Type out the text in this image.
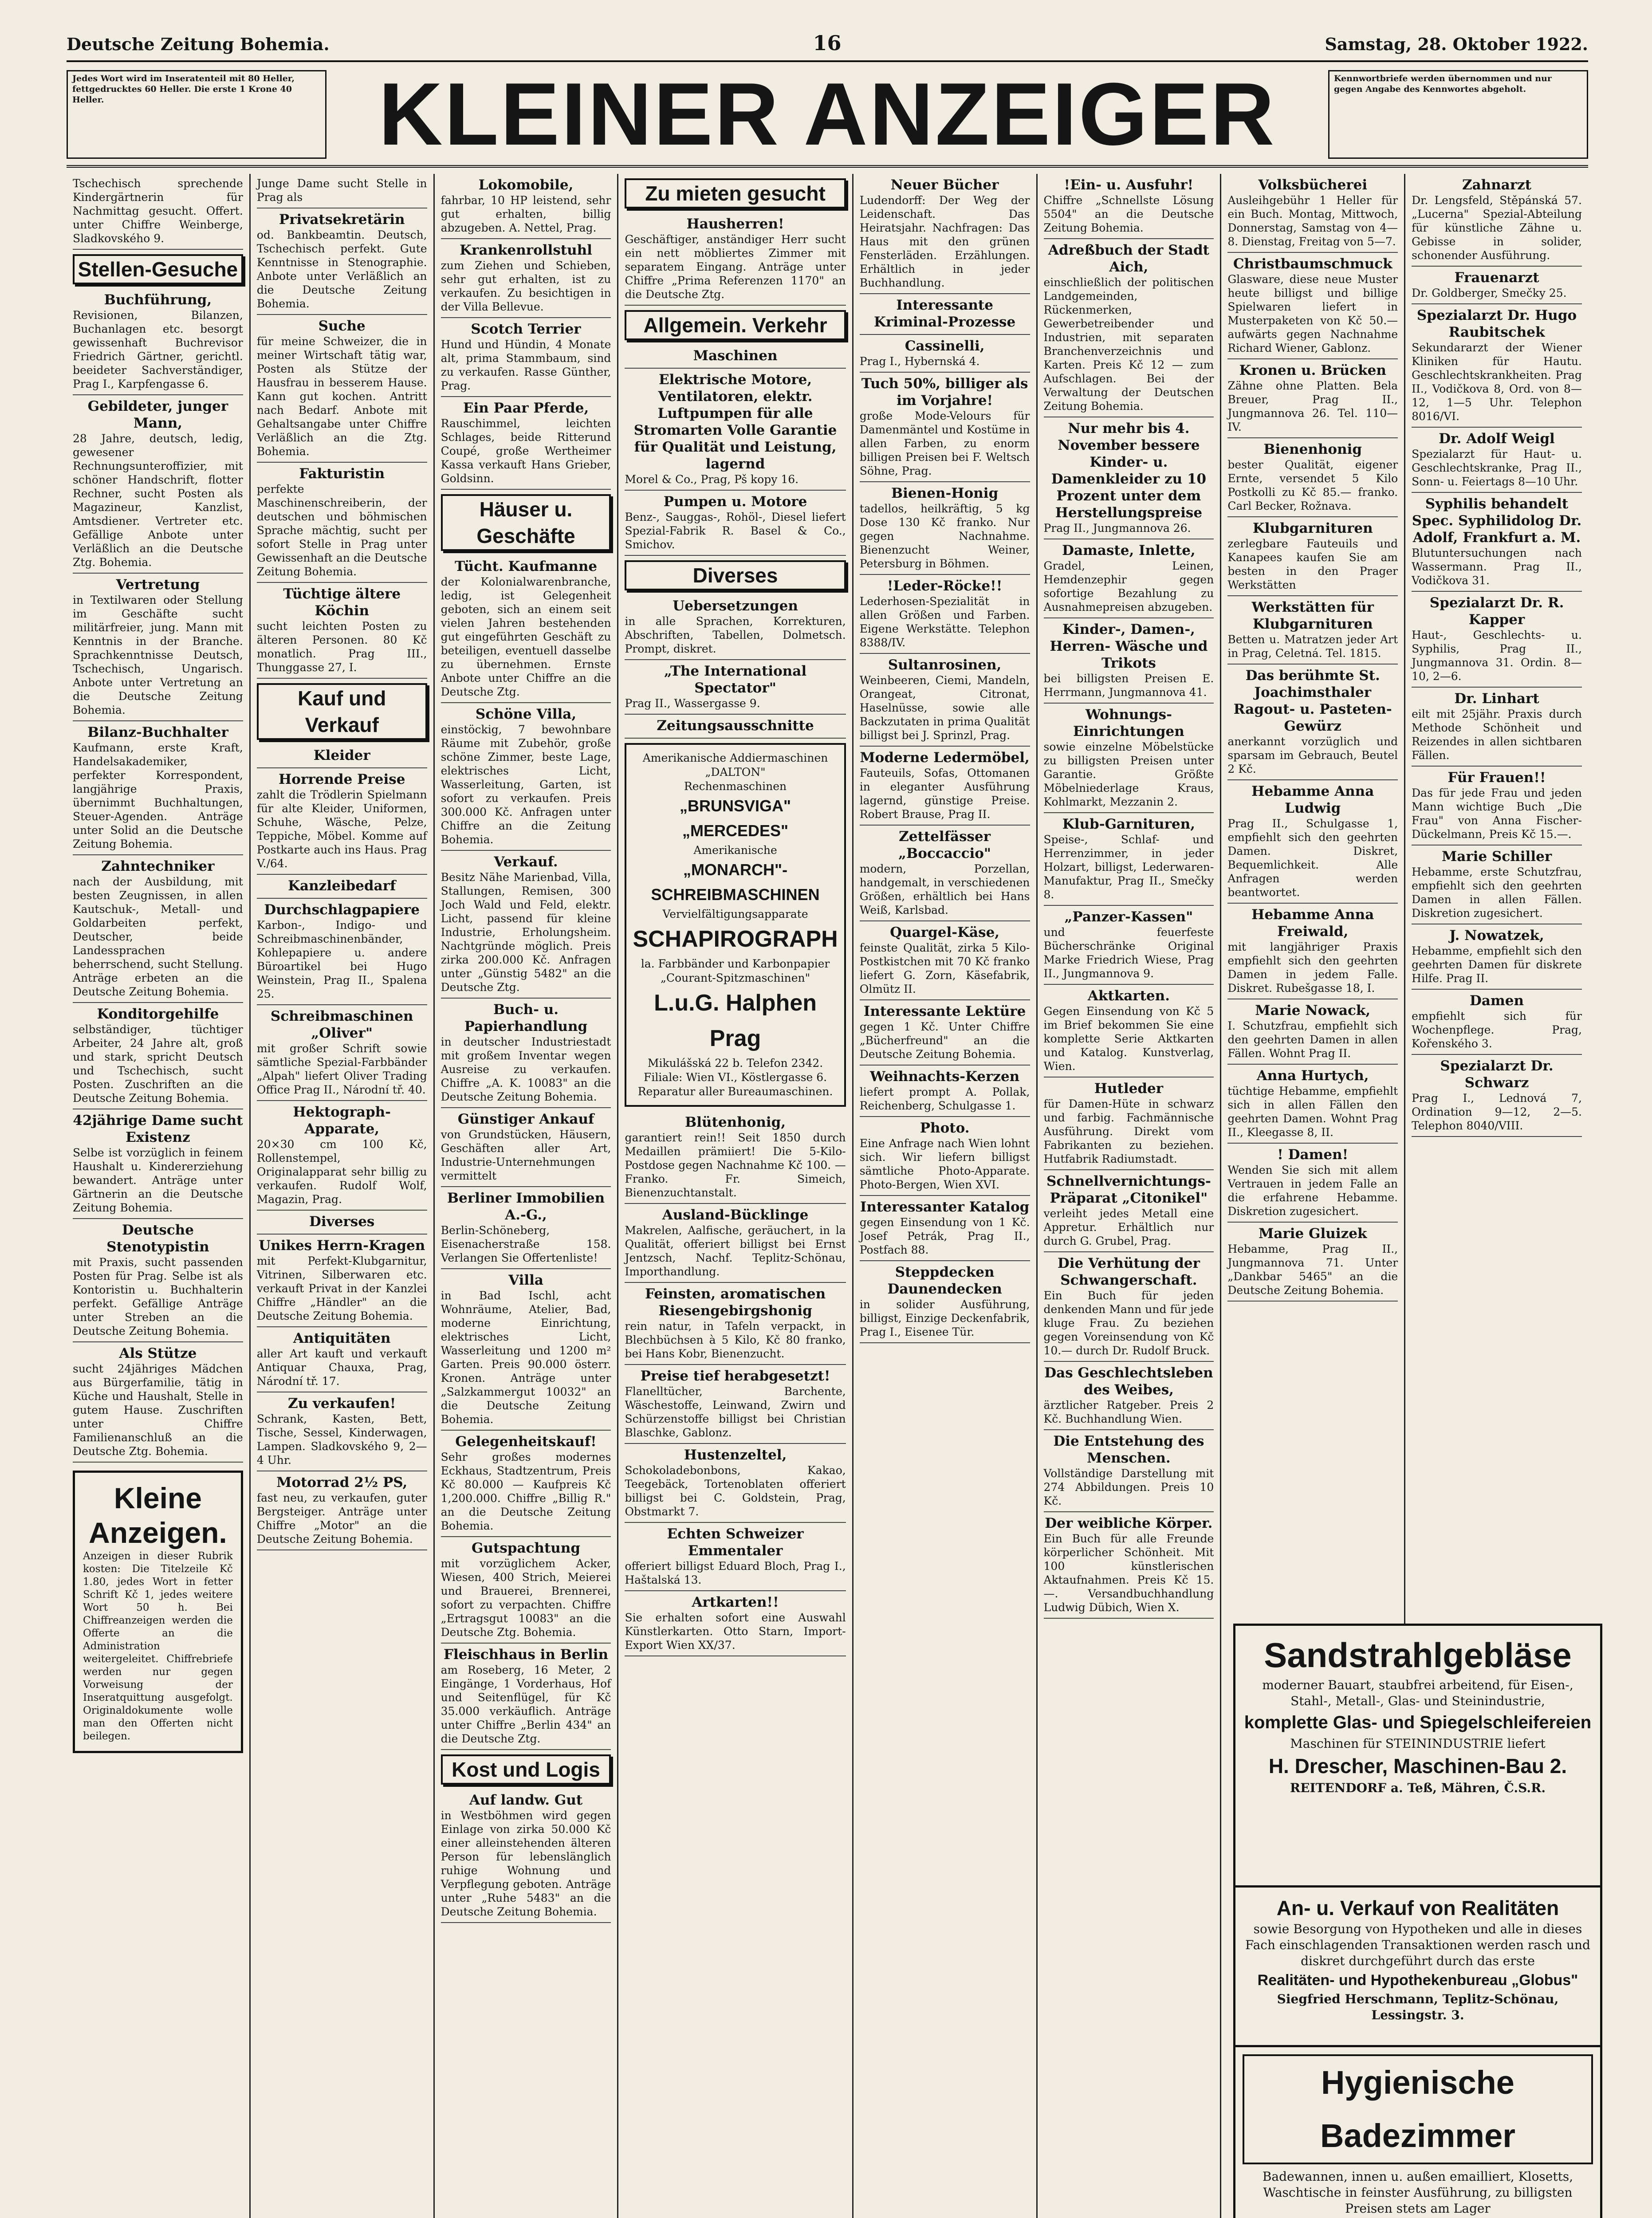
Deutsche Zeitung Bohemia.	16	Samstag, 28. Oktober 1922.
Jedes Wort wird im Inseratenteil mit 80 Heller, fettgedrucktes 60 Heller. Die erste 1 Krone 40 Heller.	KLEINER ANZEIGER	Kennwortbriefe werden übernommen und nur gegen Angabe des Kennwortes abgeholt.
Tschechisch sprechende Kindergärtnerin für Nachmittag gesucht. Offert. unter Chiffre Weinberge, Sladkovského 9.
Stellen-Gesuche
Buchführung,
Revisionen, Bilanzen, Buchanlagen etc. besorgt gewissenhaft Buchrevisor Friedrich Gärtner, gerichtl. beeideter Sachverständiger, Prag I., Karpfengasse 6.
Gebildeter, junger Mann,
28 Jahre, deutsch, ledig, gewesener Rechnungsunteroffizier, mit schöner Handschrift, flotter Rechner, sucht Posten als Magazineur, Kanzlist, Amtsdiener. Vertreter etc. Gefällige Anbote unter Verläßlich an die Deutsche Ztg. Bohemia.
Vertretung
in Textilwaren oder Stellung im Geschäfte sucht militärfreier, jung. Mann mit Kenntnis in der Branche. Sprachkenntnisse Deutsch, Tschechisch, Ungarisch. Anbote unter Vertretung an die Deutsche Zeitung Bohemia.
Bilanz-Buchhalter
Kaufmann, erste Kraft, Handelsakademiker, perfekter Korrespondent, langjährige Praxis, übernimmt Buchhaltungen, Steuer-Agenden. Anträge unter Solid an die Deutsche Zeitung Bohemia.
Zahntechniker
nach der Ausbildung, mit besten Zeugnissen, in allen Kautschuk-, Metall- und Goldarbeiten perfekt, Deutscher, beide Landessprachen beherrschend, sucht Stellung. Anträge erbeten an die Deutsche Zeitung Bohemia.
Konditorgehilfe
selbständiger, tüchtiger Arbeiter, 24 Jahre alt, groß und stark, spricht Deutsch und Tschechisch, sucht Posten. Zuschriften an die Deutsche Zeitung Bohemia.
42jährige Dame sucht Existenz
Selbe ist vorzüglich in feinem Haushalt u. Kindererziehung bewandert. Anträge unter Gärtnerin an die Deutsche Zeitung Bohemia.
Deutsche Stenotypistin
mit Praxis, sucht passenden Posten für Prag. Selbe ist als Kontoristin u. Buchhalterin perfekt. Gefällige Anträge unter Streben an die Deutsche Zeitung Bohemia.
Als Stütze
sucht 24jähriges Mädchen aus Bürgerfamilie, tätig in Küche und Haushalt, Stelle in gutem Hause. Zuschriften unter Chiffre Familienanschluß an die Deutsche Ztg. Bohemia.
Kleine Anzeigen.
Anzeigen in dieser Rubrik kosten: Die Titelzeile Kč 1.80, jedes Wort in fetter Schrift Kč 1, jedes weitere Wort 50 h. Bei Chiffreanzeigen werden die Offerte an die Administration weitergeleitet. Chiffrebriefe werden nur gegen Vorweisung der Inseratquittung ausgefolgt. Originaldokumente wolle man den Offerten nicht beilegen.
Junge Dame sucht Stelle in Prag als
Privatsekretärin
od. Bankbeamtin. Deutsch, Tschechisch perfekt. Gute Kenntnisse in Stenographie. Anbote unter Verläßlich an die Deutsche Zeitung Bohemia.
Suche
für meine Schweizer, die in meiner Wirtschaft tätig war, Posten als Stütze der Hausfrau in besserem Hause. Kann gut kochen. Antritt nach Bedarf. Anbote mit Gehaltsangabe unter Chiffre Verläßlich an die Ztg. Bohemia.
Fakturistin
perfekte Maschinenschreiberin, der deutschen und böhmischen Sprache mächtig, sucht per sofort Stelle in Prag unter Gewissenhaft an die Deutsche Zeitung Bohemia.
Tüchtige ältere Köchin
sucht leichten Posten zu älteren Personen. 80 Kč monatlich. Prag III., Thunggasse 27, I.
Kauf und Verkauf
Kleider
Horrende Preise
zahlt die Trödlerin Spielmann für alte Kleider, Uniformen, Schuhe, Wäsche, Pelze, Teppiche, Möbel. Komme auf Postkarte auch ins Haus. Prag V./64.
Kanzleibedarf
Durchschlagpapiere
Karbon-, Indigo- und Schreibmaschinenbänder, Kohlepapiere u. andere Büroartikel bei Hugo Weinstein, Prag II., Spalena 25.
Schreibmaschinen „Oliver"
mit großer Schrift sowie sämtliche Spezial-Farbbänder „Alpah" liefert Oliver Trading Office Prag II., Národní tř. 40.
Hektograph-Apparate,
20×30 cm 100 Kč, Rollenstempel, Originalapparat sehr billig zu verkaufen. Rudolf Wolf, Magazin, Prag.
Diverses
Unikes Herrn-Kragen
mit Perfekt-Klubgarnitur, Vitrinen, Silberwaren etc. verkauft Privat in der Kanzlei Chiffre „Händler" an die Deutsche Zeitung Bohemia.
Antiquitäten
aller Art kauft und verkauft Antiquar Chauxa, Prag, Národní tř. 17.
Zu verkaufen!
Schrank, Kasten, Bett, Tische, Sessel, Kinderwagen, Lampen. Sladkovského 9, 2—4 Uhr.
Motorrad 2½ PS,
fast neu, zu verkaufen, guter Bergsteiger. Anträge unter Chiffre „Motor" an die Deutsche Zeitung Bohemia.
Lokomobile,
fahrbar, 10 HP leistend, sehr gut erhalten, billig abzugeben. A. Nettel, Prag.
Krankenrollstuhl
zum Ziehen und Schieben, sehr gut erhalten, ist zu verkaufen. Zu besichtigen in der Villa Bellevue.
Scotch Terrier
Hund und Hündin, 4 Monate alt, prima Stammbaum, sind zu verkaufen. Rasse Günther, Prag.
Ein Paar Pferde,
Rauschimmel, leichten Schlages, beide Ritterund Coupé, große Wertheimer Kassa verkauft Hans Grieber, Goldsinn.
Häuser u. Geschäfte
Tücht. Kaufmanne
der Kolonialwarenbranche, ledig, ist Gelegenheit geboten, sich an einem seit vielen Jahren bestehenden gut eingeführten Geschäft zu beteiligen, eventuell dasselbe zu übernehmen. Ernste Anbote unter Chiffre an die Deutsche Ztg.
Schöne Villa,
einstöckig, 7 bewohnbare Räume mit Zubehör, große schöne Zimmer, beste Lage, elektrisches Licht, Wasserleitung, Garten, ist sofort zu verkaufen. Preis 300.000 Kč. Anfragen unter Chiffre an die Zeitung Bohemia.
Verkauf.
Besitz Nähe Marienbad, Villa, Stallungen, Remisen, 300 Joch Wald und Feld, elektr. Licht, passend für kleine Industrie, Erholungsheim. Nachtgründe möglich. Preis zirka 200.000 Kč. Anfragen unter „Günstig 5482" an die Deutsche Ztg.
Buch- u. Papierhandlung
in deutscher Industriestadt mit großem Inventar wegen Ausreise zu verkaufen. Chiffre „A. K. 10083" an die Deutsche Zeitung Bohemia.
Günstiger Ankauf
von Grundstücken, Häusern, Geschäften aller Art, Industrie-Unternehmungen vermittelt
Berliner Immobilien A.-G.,
Berlin-Schöneberg, Eisenacherstraße 158. Verlangen Sie Offertenliste!
Villa
in Bad Ischl, acht Wohnräume, Atelier, Bad, moderne Einrichtung, elektrisches Licht, Wasserleitung und 1200 m² Garten. Preis 90.000 österr. Kronen. Anträge unter „Salzkammergut 10032" an die Deutsche Zeitung Bohemia.
Gelegenheitskauf!
Sehr großes modernes Eckhaus, Stadtzentrum, Preis Kč 80.000 — Kaufpreis Kč 1,200.000. Chiffre „Billig R." an die Deutsche Zeitung Bohemia.
Gutspachtung
mit vorzüglichem Acker, Wiesen, 400 Strich, Meierei und Brauerei, Brennerei, sofort zu verpachten. Chiffre „Ertragsgut 10083" an die Deutsche Ztg. Bohemia.
Fleischhaus in Berlin
am Roseberg, 16 Meter, 2 Eingänge, 1 Vorderhaus, Hof und Seitenflügel, für Kč 35.000 verkäuflich. Anträge unter Chiffre „Berlin 434" an die Deutsche Ztg.
Kost und Logis
Auf landw. Gut
in Westböhmen wird gegen Einlage von zirka 50.000 Kč einer alleinstehenden älteren Person für lebenslänglich ruhige Wohnung und Verpflegung geboten. Anträge unter „Ruhe 5483" an die Deutsche Zeitung Bohemia.
Zu mieten gesucht
Hausherren!
Geschäftiger, anständiger Herr sucht ein nett möbliertes Zimmer mit separatem Eingang. Anträge unter Chiffre „Prima Referenzen 1170" an die Deutsche Ztg.
Allgemein. Verkehr
Maschinen
Elektrische Motore, Ventilatoren, elektr. Luftpumpen für alle Stromarten Volle Garantie für Qualität und Leistung, lagernd
Morel & Co., Prag, Pš kopy 16.
Pumpen u. Motore
Benz-, Sauggas-, Rohöl-, Diesel liefert Spezial-Fabrik R. Basel & Co., Smichov.
Diverses
Uebersetzungen
in alle Sprachen, Korrekturen, Abschriften, Tabellen, Dolmetsch. Prompt, diskret.
„The International Spectator"
Prag II., Wassergasse 9.
Zeitungsausschnitte
Amerikanische Addiermaschinen „DALTON"
Rechenmaschinen
„BRUNSVIGA" „MERCEDES"
Amerikanische
„MONARCH"-SCHREIBMASCHINEN
Vervielfältigungsapparate
SCHAPIROGRAPH
la. Farbbänder und Karbonpapier
„Courant-Spitzmaschinen"
L.u.G. Halphen Prag
Mikulášská 22 b. Telefon 2342.
Filiale: Wien VI., Köstlergasse 6.
Reparatur aller Bureaumaschinen.
Blütenhonig,
garantiert rein!! Seit 1850 durch Medaillen prämiiert! Die 5-Kilo-Postdose gegen Nachnahme Kč 100. — Franko. Fr. Simeich, Bienenzuchtanstalt.
Ausland-Bücklinge
Makrelen, Aalfische, geräuchert, in la Qualität, offeriert billigst bei Ernst Jentzsch, Nachf. Teplitz-Schönau, Importhandlung.
Feinsten, aromatischen Riesengebirgshonig
rein natur, in Tafeln verpackt, in Blechbüchsen à 5 Kilo, Kč 80 franko, bei Hans Kobr, Bienenzucht.
Preise tief herabgesetzt!
Flanelltücher, Barchente, Wäschestoffe, Leinwand, Zwirn und Schürzenstoffe billigst bei Christian Blaschke, Gablonz.
Hustenzeltel,
Schokoladebonbons, Kakao, Teegebäck, Tortenoblaten offeriert billigst bei C. Goldstein, Prag, Obstmarkt 7.
Echten Schweizer Emmentaler
offeriert billigst Eduard Bloch, Prag I., Haštalská 13.
Artkarten!!
Sie erhalten sofort eine Auswahl Künstlerkarten. Otto Starn, Import-Export Wien XX/37.
Neuer Bücher
Ludendorff: Der Weg der Leidenschaft. Das Heiratsjahr. Nachfragen: Das Haus mit den grünen Fensterläden. Erzählungen. Erhältlich in jeder Buchhandlung.
Interessante Kriminal-Prozesse
Cassinelli,
Prag I., Hybernská 4.
Tuch 50%, billiger als im Vorjahre!
große Mode-Velours für Damenmäntel und Kostüme in allen Farben, zu enorm billigen Preisen bei F. Weltsch Söhne, Prag.
Bienen-Honig
tadellos, heilkräftig, 5 kg Dose 130 Kč franko. Nur gegen Nachnahme. Bienenzucht Weiner, Petersburg in Böhmen.
!Leder-Röcke!!
Lederhosen-Spezialität in allen Größen und Farben. Eigene Werkstätte. Telephon 8388/IV.
Sultanrosinen,
Weinbeeren, Ciemi, Mandeln, Orangeat, Citronat, Haselnüsse, sowie alle Backzutaten in prima Qualität billigst bei J. Sprinzl, Prag.
Moderne Ledermöbel,
Fauteuils, Sofas, Ottomanen in eleganter Ausführung lagernd, günstige Preise. Robert Brause, Prag II.
Zettelfässer „Boccaccio"
modern, Porzellan, handgemalt, in verschiedenen Größen, erhältlich bei Hans Weiß, Karlsbad.
Quargel-Käse,
feinste Qualität, zirka 5 Kilo-Postkistchen mit 70 Kč franko liefert G. Zorn, Käsefabrik, Olmütz II.
Interessante Lektüre
gegen 1 Kč. Unter Chiffre „Bücherfreund" an die Deutsche Zeitung Bohemia.
Weihnachts-Kerzen
liefert prompt A. Pollak, Reichenberg, Schulgasse 1.
Photo.
Eine Anfrage nach Wien lohnt sich. Wir liefern billigst sämtliche Photo-Apparate. Photo-Bergen, Wien XVI.
Interessanter Katalog
gegen Einsendung von 1 Kč. Josef Petrák, Prag II., Postfach 88.
Steppdecken Daunendecken
in solider Ausführung, billigst, Einzige Deckenfabrik, Prag I., Eisenee Tür.
!Ein- u. Ausfuhr!
Chiffre „Schnellste Lösung 5504" an die Deutsche Zeitung Bohemia.
Adreßbuch der Stadt Aich,
einschließlich der politischen Landgemeinden, Rückenmerken, Gewerbetreibender und Industrien, mit separaten Branchenverzeichnis und Karten. Preis Kč 12 — zum Aufschlagen. Bei der Verwaltung der Deutschen Zeitung Bohemia.
Nur mehr bis 4. November bessere Kinder- u. Damenkleider zu 10 Prozent unter dem Herstellungspreise
Prag II., Jungmannova 26.
Damaste, Inlette,
Gradel, Leinen, Hemdenzephir gegen sofortige Bezahlung zu Ausnahmepreisen abzugeben.
Kinder-, Damen-, Herren- Wäsche und Trikots
bei billigsten Preisen E. Herrmann, Jungmannova 41.
Wohnungs- Einrichtungen
sowie einzelne Möbelstücke zu billigsten Preisen unter Garantie. Größte Möbelniederlage Kraus, Kohlmarkt, Mezzanin 2.
Klub-Garnituren,
Speise-, Schlaf- und Herrenzimmer, in jeder Holzart, billigst, Lederwaren-Manufaktur, Prag II., Smečky 8.
„Panzer-Kassen"
und feuerfeste Bücherschränke Original Marke Friedrich Wiese, Prag II., Jungmannova 9.
Aktkarten.
Gegen Einsendung von Kč 5 im Brief bekommen Sie eine komplette Serie Aktkarten und Katalog. Kunstverlag, Wien.
Hutleder
für Damen-Hüte in schwarz und farbig. Fachmännische Ausführung. Direkt vom Fabrikanten zu beziehen. Hutfabrik Radiumstadt.
Schnellvernichtungs- Präparat „Citonikel"
verleiht jedes Metall eine Appretur. Erhältlich nur durch G. Grubel, Prag.
Die Verhütung der Schwangerschaft.
Ein Buch für jeden denkenden Mann und für jede kluge Frau. Zu beziehen gegen Voreinsendung von Kč 10.— durch Dr. Rudolf Bruck.
Das Geschlechtsleben des Weibes,
ärztlicher Ratgeber. Preis 2 Kč. Buchhandlung Wien.
Die Entstehung des Menschen.
Vollständige Darstellung mit 274 Abbildungen. Preis 10 Kč.
Der weibliche Körper.
Ein Buch für alle Freunde körperlicher Schönheit. Mit 100 künstlerischen Aktaufnahmen. Preis Kč 15.—. Versandbuchhandlung Ludwig Dübich, Wien X.
Volksbücherei
Ausleihgebühr 1 Heller für ein Buch. Montag, Mittwoch, Donnerstag, Samstag von 4—8. Dienstag, Freitag von 5—7.
Christbaumschmuck
Glasware, diese neue Muster heute billigst und billige Spielwaren liefert in Musterpaketen von Kč 50.— aufwärts gegen Nachnahme Richard Wiener, Gablonz.
Kronen u. Brücken
Zähne ohne Platten. Bela Breuer, Prag II., Jungmannova 26. Tel. 110—IV.
Bienenhonig
bester Qualität, eigener Ernte, versendet 5 Kilo Postkolli zu Kč 85.— franko. Carl Becker, Rožnava.
Klubgarnituren
zerlegbare Fauteuils und Kanapees kaufen Sie am besten in den Prager Werkstätten
Werkstätten für Klubgarnituren
Betten u. Matratzen jeder Art in Prag, Celetná. Tel. 1815.
Das berühmte St. Joachimsthaler Ragout- u. Pasteten- Gewürz
anerkannt vorzüglich und sparsam im Gebrauch, Beutel 2 Kč.
Hebamme Anna Ludwig
Prag II., Schulgasse 1, empfiehlt sich den geehrten Damen. Diskret, Bequemlichkeit. Alle Anfragen werden beantwortet.
Hebamme Anna Freiwald,
mit langjähriger Praxis empfiehlt sich den geehrten Damen in jedem Falle. Diskret. Rubešgasse 18, I.
Marie Nowack,
I. Schutzfrau, empfiehlt sich den geehrten Damen in allen Fällen. Wohnt Prag II.
Anna Hurtych,
tüchtige Hebamme, empfiehlt sich in allen Fällen den geehrten Damen. Wohnt Prag II., Kleegasse 8, II.
! Damen!
Wenden Sie sich mit allem Vertrauen in jedem Falle an die erfahrene Hebamme. Diskretion zugesichert.
Marie Gluizek
Hebamme, Prag II., Jungmannova 71. Unter „Dankbar 5465" an die Deutsche Zeitung Bohemia.
Zahnarzt
Dr. Lengsfeld, Stěpánská 57. „Lucerna" Spezial-Abteilung für künstliche Zähne u. Gebisse in solider, schonender Ausführung.
Frauenarzt
Dr. Goldberger, Smečky 25.
Spezialarzt Dr. Hugo Raubitschek
Sekundararzt der Wiener Kliniken für Hautu. Geschlechtskrankheiten. Prag II., Vodičkova 8, Ord. von 8—12, 1—5 Uhr. Telephon 8016/VI.
Dr. Adolf Weigl
Spezialarzt für Haut- u. Geschlechtskranke, Prag II., Sonn- u. Feiertags 8—10 Uhr.
Syphilis behandelt Spec. Syphilidolog Dr. Adolf, Frankfurt a. M.
Blutuntersuchungen nach Wassermann. Prag II., Vodičkova 31.
Spezialarzt Dr. R. Kapper
Haut-, Geschlechts- u. Syphilis, Prag II., Jungmannova 31. Ordin. 8—10, 2—6.
Dr. Linhart
eilt mit 25jähr. Praxis durch Methode Schönheit und Reizendes in allen sichtbaren Fällen.
Für Frauen!!
Das für jede Frau und jeden Mann wichtige Buch „Die Frau" von Anna Fischer-Dückelmann, Preis Kč 15.—.
Marie Schiller
Hebamme, erste Schutzfrau, empfiehlt sich den geehrten Damen in allen Fällen. Diskretion zugesichert.
J. Nowatzek,
Hebamme, empfiehlt sich den geehrten Damen für diskrete Hilfe. Prag II.
Damen
empfiehlt sich für Wochenpflege. Prag, Kořenského 3.
Spezialarzt Dr. Schwarz
Prag I., Lednová 7, Ordination 9—12, 2—5. Telephon 8040/VIII.
Sandstrahlgebläse
moderner Bauart, staubfrei arbeitend, für Eisen-, Stahl-, Metall-, Glas- und Steinindustrie,
komplette Glas- und Spiegelschleifereien
Maschinen für STEININDUSTRIE liefert
H. Drescher, Maschinen-Bau 2.
REITENDORF a. Teß, Mähren, Č.S.R.
An- u. Verkauf von Realitäten
sowie Besorgung von Hypotheken und alle in dieses Fach einschlagenden Transaktionen werden rasch und diskret durchgeführt durch das erste
Realitäten- und Hypothekenbureau „Globus"
Siegfried Herschmann, Teplitz-Schönau, Lessingstr. 3.
Hygienische Badezimmer
Badewannen, innen u. außen emailliert, Klosetts, Waschtische in feinster Ausführung, zu billigsten Preisen stets am Lager
